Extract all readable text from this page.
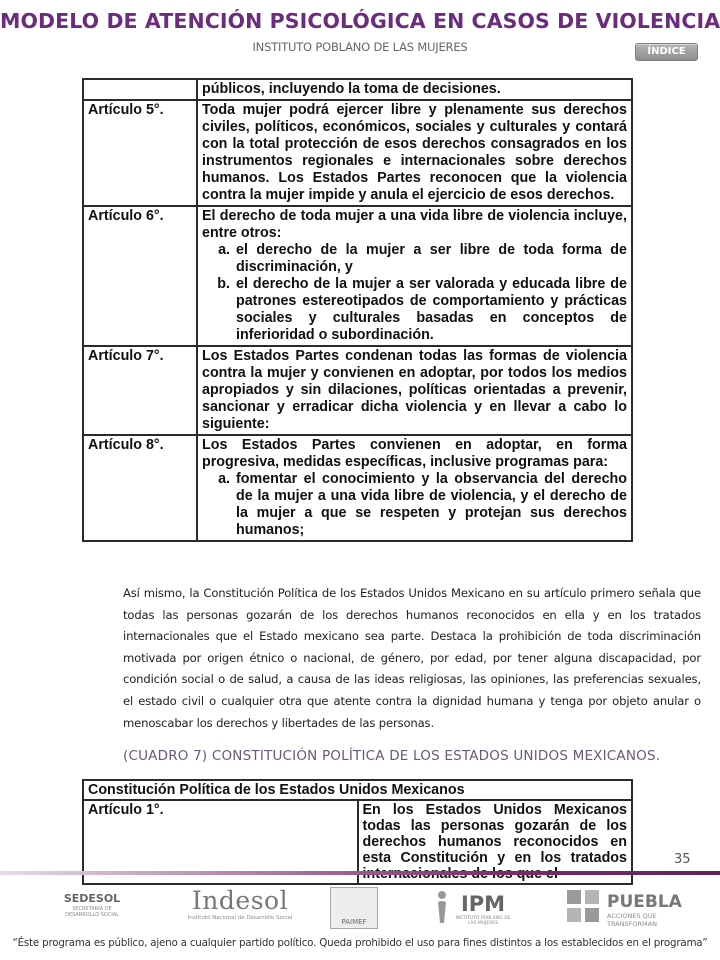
MODELO DE ATENCIÓN PSICOLÓGICA EN CASOS DE VIOLENCIA
INSTITUTO POBLANO DE LAS MUJERES	ÍNDICE
	públicos, incluyendo la toma de decisiones.
Artículo 5°.	Toda mujer podrá ejercer libre y plenamente sus derechos civiles, políticos, económicos, sociales y culturales y contará con la total protección de esos derechos consagrados en los instrumentos regionales e internacionales sobre derechos humanos. Los Estados Partes reconocen que la violencia contra la mujer impide y anula el ejercicio de esos derechos.
Artículo 6°.	El derecho de toda mujer a una vida libre de violencia incluye, entre otros:
a. el derecho de la mujer a ser libre de toda forma de discriminación, y
b. el derecho de la mujer a ser valorada y educada libre de patrones estereotipados de comportamiento y prácticas sociales y culturales basadas en conceptos de inferioridad o subordinación.

Artículo 7°.	Los Estados Partes condenan todas las formas de violencia contra la mujer y convienen en adoptar, por todos los medios apropiados y sin dilaciones, políticas orientadas a prevenir, sancionar y erradicar dicha violencia y en llevar a cabo lo siguiente:
Artículo 8°.	Los Estados Partes convienen en adoptar, en forma progresiva, medidas específicas, inclusive programas para:
a. fomentar el conocimiento y la observancia del derecho de la mujer a una vida libre de violencia, y el derecho de la mujer a que se respeten y protejan sus derechos humanos;
Así mismo, la Constitución Política de los Estados Unidos Mexicano en su artículo primero señala que todas las personas gozarán de los derechos humanos reconocidos en ella y en los tratados internacionales que el Estado mexicano sea parte. Destaca la prohibición de toda discriminación motivada por origen étnico o nacional, de género, por edad, por tener alguna discapacidad, por condición social o de salud, a causa de las ideas religiosas, las opiniones, las preferencias sexuales, el estado civil o cualquier otra que atente contra la dignidad humana y tenga por objeto anular o menoscabar los derechos y libertades de las personas.
(CUADRO 7) CONSTITUCIÓN POLÍTICA DE LOS ESTADOS UNIDOS MEXICANOS.
Constitución Política de los Estados Unidos Mexicanos
Artículo 1°.	En los Estados Unidos Mexicanos todas las personas gozarán de los derechos humanos reconocidos en esta Constitución y en los tratados	35
SEDESOL
SECRETARÍA DE DESARROLLO SOCIAL	Indesol
Instituto Nacional de Desarrollo Social	PAIMEF
IPM
INSTITUTO POBLANO DE LAS MUJERES
PUEBLA
ACCIONES QUE TRANSFORMAN
“Éste programa es público, ajeno a cualquier partido político. Queda prohibido el uso para fines distintos a los establecidos en el programa”
